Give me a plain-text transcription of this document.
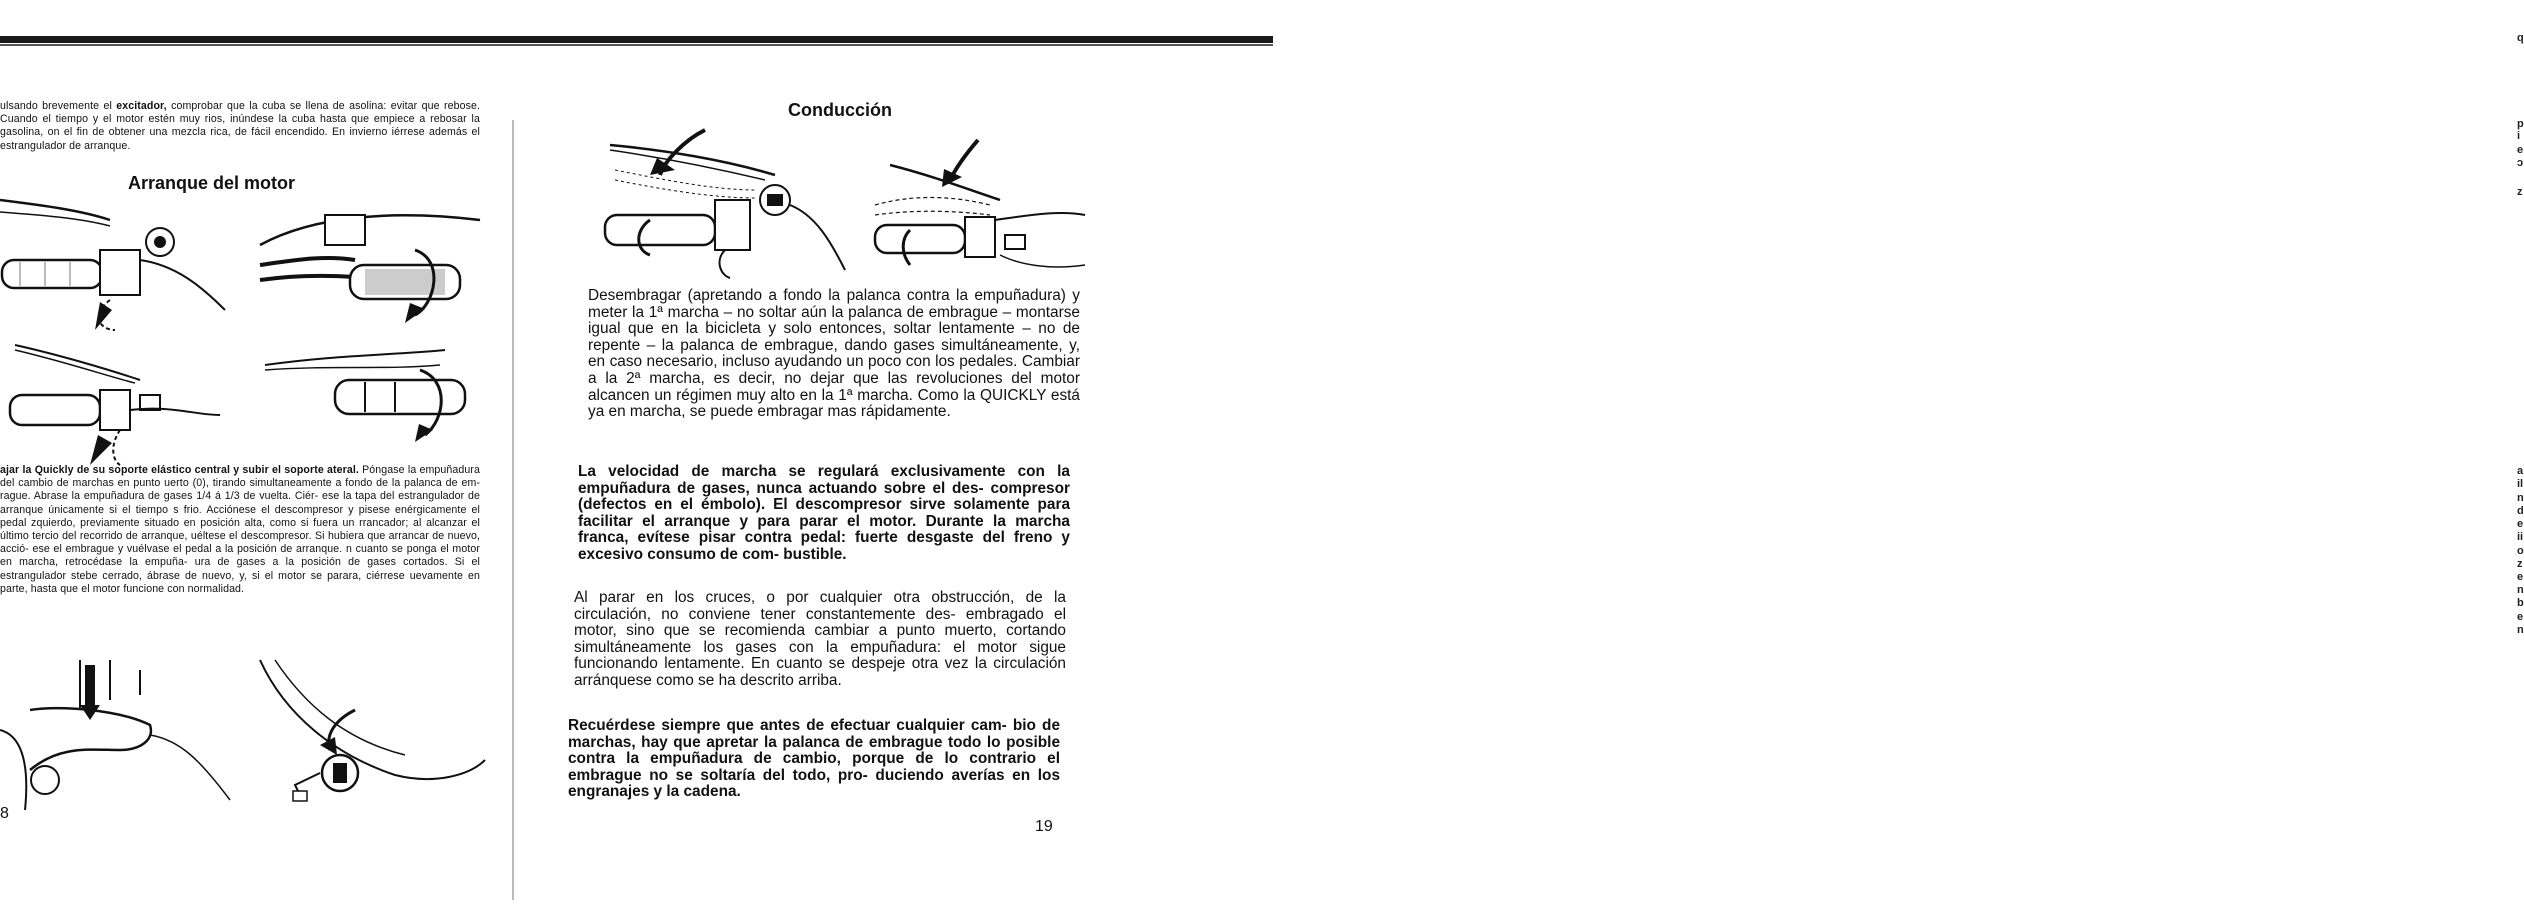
ulsando brevemente el excitador, comprobar que la cuba se llena de asolina: evitar que rebose. Cuando el tiempo y el motor estén muy rios, inúndese la cuba hasta que empiece a rebosar la gasolina, on el fin de obtener una mezcla rica, de fácil encendido. En invierno iérrese además el estrangulador de arranque.

Arranque del motor

ajar la Quickly de su soporte elástico central y subir el soporte ateral. Póngase la empuñadura del cambio de marchas en punto uerto (0), tirando simultaneamente a fondo de la palanca de em- rague. Abrase la empuñadura de gases 1/4 á 1/3 de vuelta. Ciér- ese la tapa del estrangulador de arranque únicamente si el tiempo s frio. Acciónese el descompresor y pisese enérgicamente el pedal zquierdo, previamente situado en posición alta, como si fuera un rrancador; al alcanzar el último tercio del recorrido de arranque, uéltese el descompresor. Si hubiera que arrancar de nuevo, acció- ese el embrague y vuélvase el pedal a la posición de arranque. n cuanto se ponga el motor en marcha, retrocédase la empuña- ura de gases a la posición de gases cortados. Si el estrangulador stebe cerrado, ábrase de nuevo, y, si el motor se parara, ciérrese uevamente en parte, hasta que el motor funcione con normalidad.

8
Conducción

Desembragar (apretando a fondo la palanca contra la empuñadura) y meter la 1ª marcha – no soltar aún la palanca de embrague – montarse igual que en la bicicleta y solo entonces, soltar lentamente – no de repente – la palanca de embrague, dando gases simultáneamente, y, en caso necesario, incluso ayudando un poco con los pedales. Cambiar a la 2ª marcha, es decir, no dejar que las revoluciones del motor alcancen un régimen muy alto en la 1ª marcha. Como la QUICKLY está ya en marcha, se puede embragar mas rápidamente.

La velocidad de marcha se regulará exclusivamente con la empuñadura de gases, nunca actuando sobre el des- compresor (defectos en el émbolo). El descompresor sirve solamente para facilitar el arranque y para parar el motor. Durante la marcha franca, evítese pisar contra pedal: fuerte desgaste del freno y excesivo consumo de com- bustible.

Al parar en los cruces, o por cualquier otra obstrucción, de la circulación, no conviene tener constantemente des- embragado el motor, sino que se recomienda cambiar a punto muerto, cortando simultáneamente los gases con la empuñadura: el motor sigue funcionando lentamente. En cuanto se despeje otra vez la circulación arránquese como se ha descrito arriba.

Recuérdese siempre que antes de efectuar cualquier cam- bio de marchas, hay que apretar la palanca de embrague todo lo posible contra la empuñadura de cambio, porque de lo contrario el embrague no se soltaría del todo, pro- duciendo averías en los engranajes y la cadena.

19
q
p
i
e
ɔ
z
a
il
n
d
e
ii
o
z
e
n
b
e
n
